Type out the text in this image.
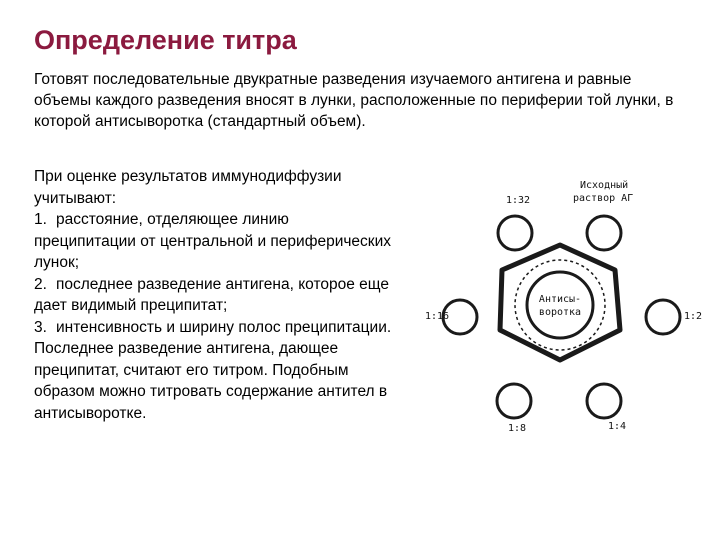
Определение титра

Готовят последовательные двукратные разведения изучаемого антигена и равные объемы каждого разведения вносят в лунки, расположенные по периферии той лунки, в которой антисыворотка (стандартный объем).

При оценке результатов иммунодиффузии учитывают:

1. расстояние, отделяющее линию преципитации от центральной и периферических лунок;
2. последнее разведение антигена, которое еще дает видимый преципитат;
3. интенсивность и ширину полос преципитации.

Последнее разведение антигена, дающее преципитат, считают его титром. Подобным образом можно титровать содержание антител в антисыворотке.

Антисы-
воротка
1:32
Исходный
раствор АГ
1:16	1:2
1:8	1:4
